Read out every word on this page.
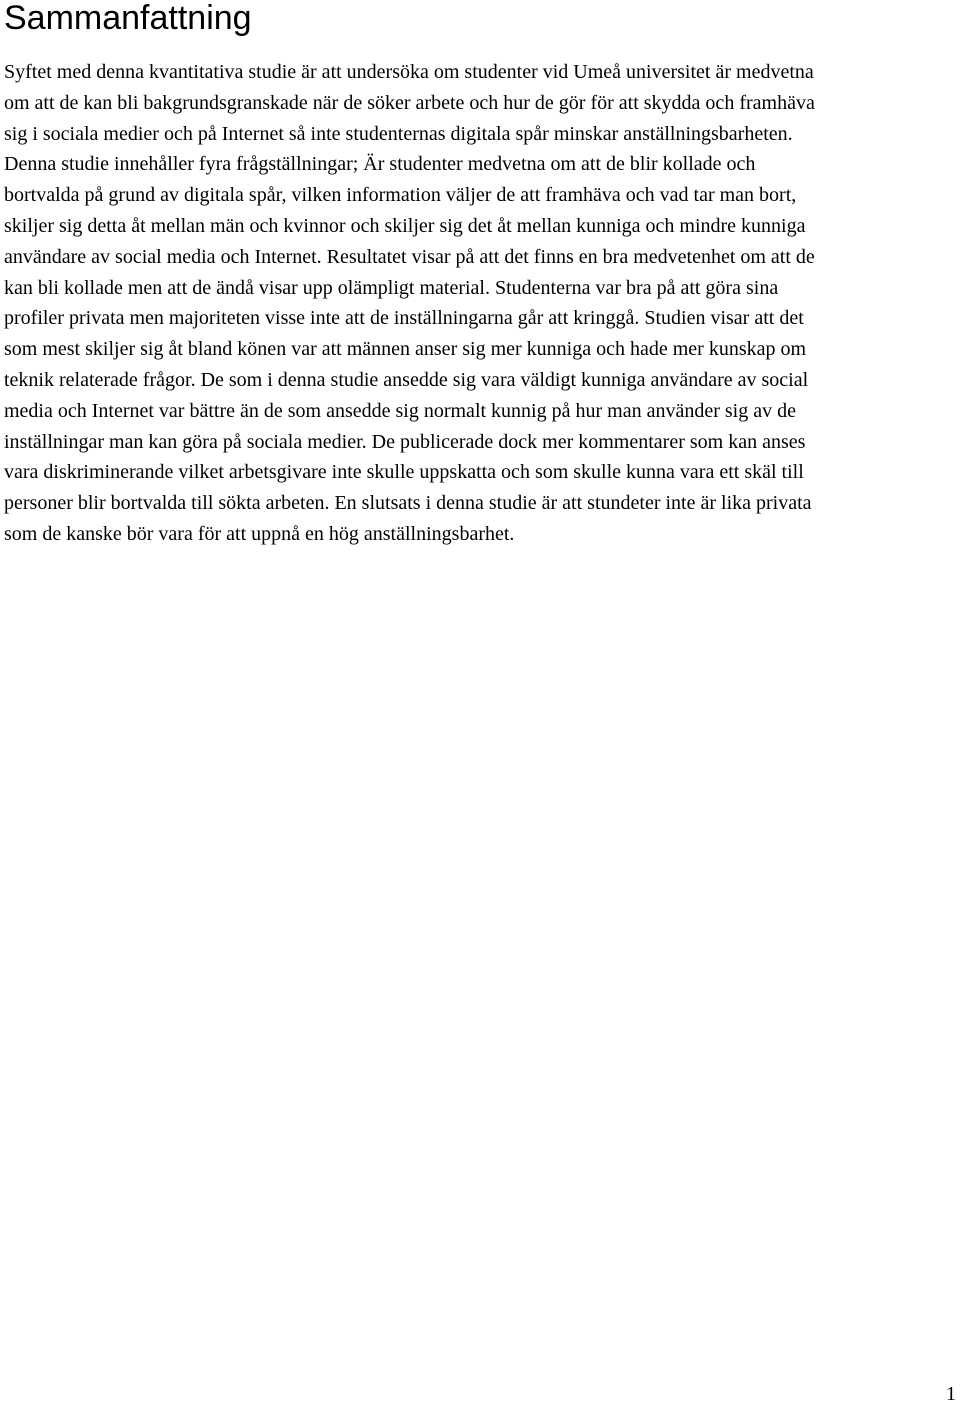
Sammanfattning

Syftet med denna kvantitativa studie är att undersöka om studenter vid Umeå universitet är medvetna
om att de kan bli bakgrundsgranskade när de söker arbete och hur de gör för att skydda och framhäva
sig i sociala medier och på Internet så inte studenternas digitala spår minskar anställningsbarheten.
Denna studie innehåller fyra frågställningar; Är studenter medvetna om att de blir kollade och
bortvalda på grund av digitala spår, vilken information väljer de att framhäva och vad tar man bort,
skiljer sig detta åt mellan män och kvinnor och skiljer sig det åt mellan kunniga och mindre kunniga
användare av social media och Internet. Resultatet visar på att det finns en bra medvetenhet om att de
kan bli kollade men att de ändå visar upp olämpligt material. Studenterna var bra på att göra sina
profiler privata men majoriteten visse inte att de inställningarna går att kringgå. Studien visar att det
som mest skiljer sig åt bland könen var att männen anser sig mer kunniga och hade mer kunskap om
teknik relaterade frågor. De som i denna studie ansedde sig vara väldigt kunniga användare av social
media och Internet var bättre än de som ansedde sig normalt kunnig på hur man använder sig av de
inställningar man kan göra på sociala medier. De publicerade dock mer kommentarer som kan anses
vara diskriminerande vilket arbetsgivare inte skulle uppskatta och som skulle kunna vara ett skäl till
personer blir bortvalda till sökta arbeten. En slutsats i denna studie är att stundeter inte är lika privata
som de kanske bör vara för att uppnå en hög anställningsbarhet.

1
